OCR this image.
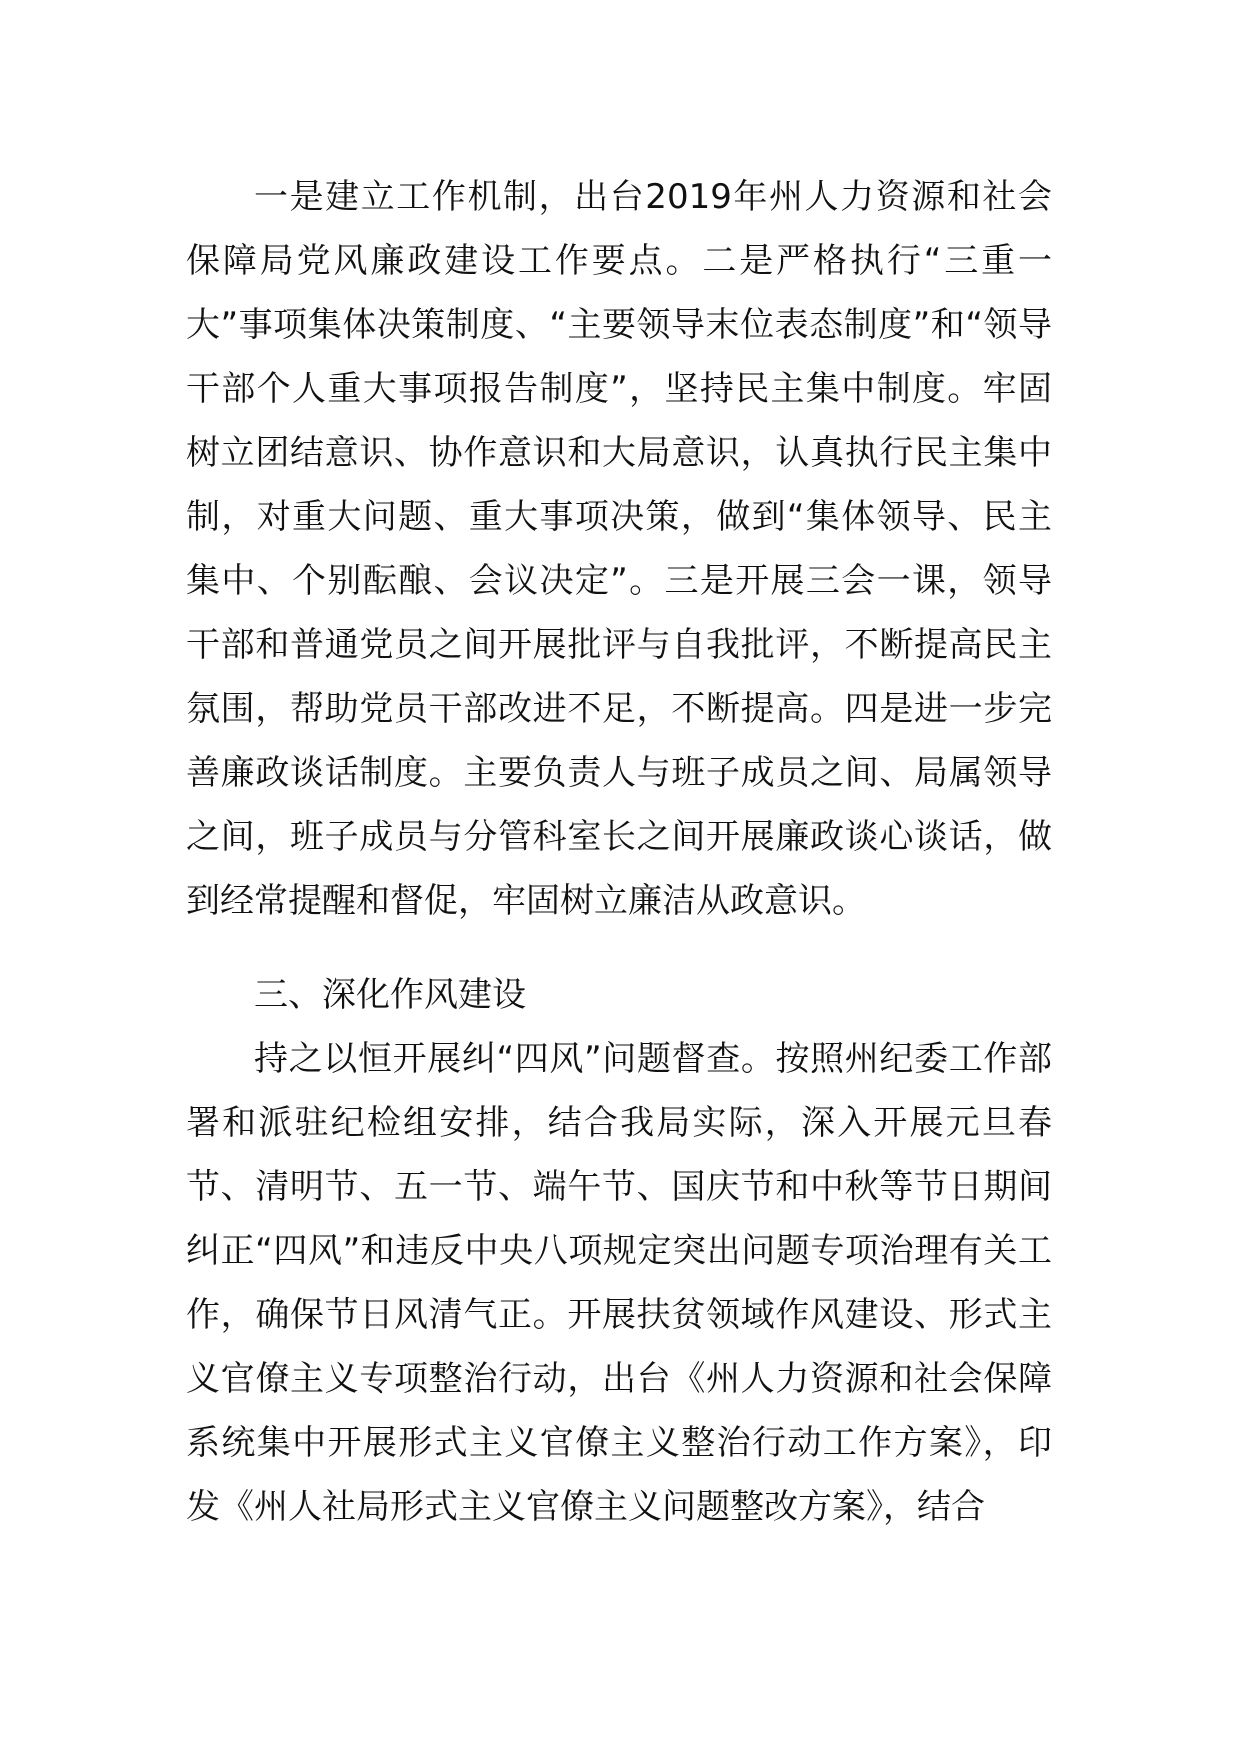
一是建立工作机制，出台2019年州人力资源和社会保障局党风廉政建设工作要点。二是严格执行“三重一大”事项集体决策制度、“主要领导末位表态制度”和“领导干部个人重大事项报告制度”，坚持民主集中制度。牢固树立团结意识、协作意识和大局意识，认真执行民主集中制，对重大问题、重大事项决策，做到“集体领导、民主集中、个别酝酿、会议决定”。三是开展三会一课，领导干部和普通党员之间开展批评与自我批评，不断提高民主氛围，帮助党员干部改进不足，不断提高。四是进一步完善廉政谈话制度。主要负责人与班子成员之间、局属领导之间，班子成员与分管科室长之间开展廉政谈心谈话，做到经常提醒和督促，牢固树立廉洁从政意识。

三、深化作风建设

持之以恒开展纠“四风”问题督查。按照州纪委工作部署和派驻纪检组安排，结合我局实际，深入开展元旦春节、清明节、五一节、端午节、国庆节和中秋等节日期间纠正“四风”和违反中央八项规定突出问题专项治理有关工作，确保节日风清气正。开展扶贫领域作风建设、形式主义官僚主义专项整治行动，出台《州人力资源和社会保障系统集中开展形式主义官僚主义整治行动工作方案》，印发《州人社局形式主义官僚主义问题整改方案》，结合
